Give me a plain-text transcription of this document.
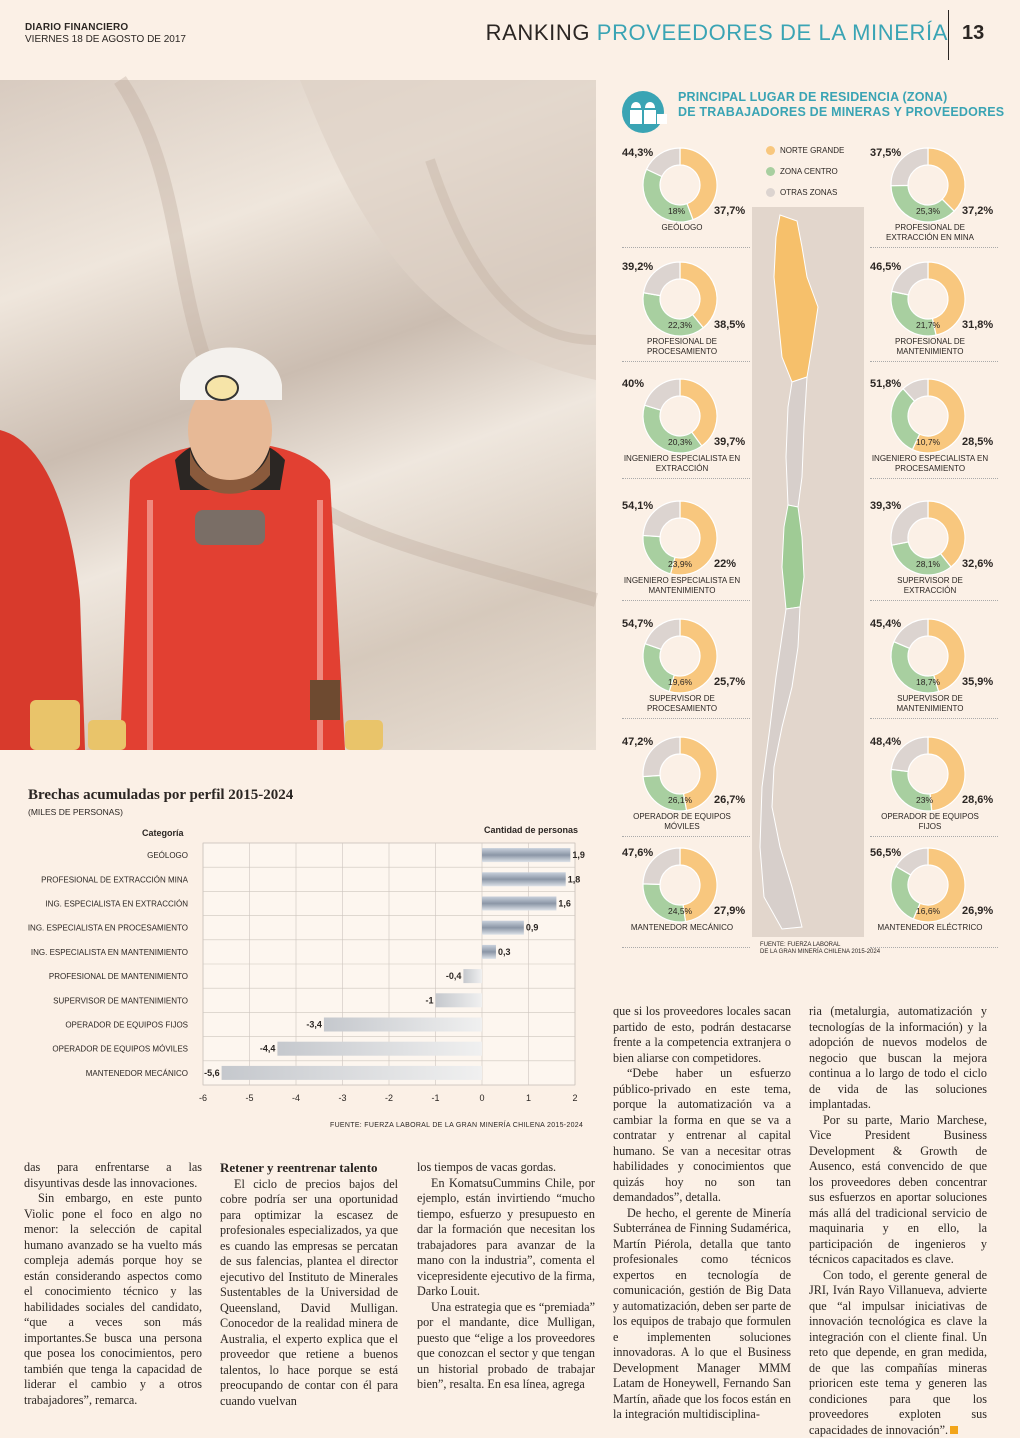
DIARIO FINANCIERO
VIERNES 18 DE AGOSTO DE 2017	RANKING PROVEEDORES DE LA MINERÍA 13
PRINCIPAL LUGAR DE RESIDENCIA (ZONA)
DE TRABAJADORES DE MINERAS Y PROVEEDORES
NORTE GRANDE
ZONA CENTRO
OTRAS ZONAS
44,3%
37,7%
18%
GEÓLOGO
39,2%
38,5%
22,3%
PROFESIONAL DE PROCESAMIENTO
40%
39,7%
20,3%
INGENIERO ESPECIALISTA EN EXTRACCIÓN
54,1%
22%
23,9%
INGENIERO ESPECIALISTA EN MANTENIMIENTO
54,7%
25,7%
19,6%
SUPERVISOR DE PROCESAMIENTO
47,2%
26,7%
26,1%
OPERADOR DE EQUIPOS MÓVILES
47,6%
27,9%
24,5%
MANTENEDOR MECÁNICO
37,5%
37,2%
25,3%
PROFESIONAL DE EXTRACCIÓN EN MINA
46,5%
31,8%
21,7%
PROFESIONAL DE MANTENIMIENTO
51,8%
28,5%
10,7%
INGENIERO ESPECIALISTA EN PROCESAMIENTO
39,3%
32,6%
28,1%
SUPERVISOR DE EXTRACCIÓN
45,4%
35,9%
18,7%
SUPERVISOR DE MANTENIMIENTO
48,4%
28,6%
23%
OPERADOR DE EQUIPOS FIJOS
56,5%
26,9%
16,6%
MANTENEDOR ELÉCTRICO
FUENTE: FUERZA LABORAL
DE LA GRAN MINERÍA CHILENA 2015-2024
Brechas acumuladas por perfil 2015-2024
(MILES DE PERSONAS)
Categoría	Cantidad de personas
-6	-5	-4	-3	-2	-1	0	1	2
GEÓLOGO	1,9
PROFESIONAL DE EXTRACCIÓN MINA	1,8
ING. ESPECIALISTA EN EXTRACCIÓN	1,6
ING. ESPECIALISTA EN PROCESAMIENTO	0,9
ING. ESPECIALISTA EN MANTENIMIENTO	0,3
PROFESIONAL DE MANTENIMIENTO	-0,4
SUPERVISOR DE MANTENIMIENTO	-1
OPERADOR DE EQUIPOS FIJOS	-3,4
OPERADOR DE EQUIPOS MÓVILES	-4,4
MANTENEDOR MECÁNICO -5,6
FUENTE: FUERZA LABORAL DE LA GRAN MINERÍA CHILENA 2015-2024

das para enfrentarse a las disyuntivas desde las innovaciones.

Sin embargo, en este punto Violic pone el foco en algo no menor: la selección de capital humano avanzado se ha vuelto más compleja además porque hoy se están considerando aspectos como el conocimiento técnico y las habilidades sociales del candidato, “que a veces son más importantes.Se busca una persona que posea los conocimientos, pero también que tenga la capacidad de liderar el cambio y a otros trabajadores”, remarca.

Retener y reentrenar talento

El ciclo de precios bajos del cobre podría ser una oportunidad para optimizar la escasez de profesionales especializados, ya que es cuando las empresas se percatan de sus falencias, plantea el director ejecutivo del Instituto de Minerales Sustentables de la Universidad de Queensland, David Mulligan. Conocedor de la realidad minera de Australia, el experto explica que el proveedor que retiene a buenos talentos, lo hace porque se está preocupando de contar con él para cuando vuelvan

los tiempos de vacas gordas.

En KomatsuCummins Chile, por ejemplo, están invirtiendo “mucho tiempo, esfuerzo y presupuesto en dar la formación que necesitan los trabajadores para avanzar de la mano con la industria”, comenta el vicepresidente ejecutivo de la firma, Darko Louit.

Una estrategia que es “premiada” por el mandante, dice Mulligan, puesto que “elige a los proveedores que conozcan el sector y que tengan un historial probado de trabajar bien”, resalta. En esa línea, agrega

que si los proveedores locales sacan partido de esto, podrán destacarse frente a la competencia extranjera o bien aliarse con competidores.

“Debe haber un esfuerzo público-privado en este tema, porque la automatización va a cambiar la forma en que se va a contratar y entrenar al capital humano. Se van a necesitar otras habilidades y conocimientos que quizás hoy no son tan demandados”, detalla.

De hecho, el gerente de Minería Subterránea de Finning Sudamérica, Martín Piérola, detalla que tanto profesionales como técnicos expertos en tecnología de comunicación, gestión de Big Data y automatización, deben ser parte de los equipos de trabajo que formulen e implementen soluciones innovadoras. A lo que el Business Development Manager MMM Latam de Honeywell, Fernando San Martín, añade que los focos están en la integración multidisciplina-

ria (metalurgia, automatización y tecnologías de la información) y la adopción de nuevos modelos de negocio que buscan la mejora continua a lo largo de todo el ciclo de vida de las soluciones implantadas.

Por su parte, Mario Marchese, Vice President Business Development & Growth de Ausenco, está convencido de que los proveedores deben concentrar sus esfuerzos en aportar soluciones más allá del tradicional servicio de maquinaria y en ello, la participación de ingenieros y técnicos capacitados es clave.

Con todo, el gerente general de JRI, Iván Rayo Villanueva, advierte que “al impulsar iniciativas de innovación tecnológica es clave la integración con el cliente final. Un reto que depende, en gran medida, de que las compañías mineras prioricen este tema y generen las condiciones para que los proveedores exploten sus capacidades de innovación”.
